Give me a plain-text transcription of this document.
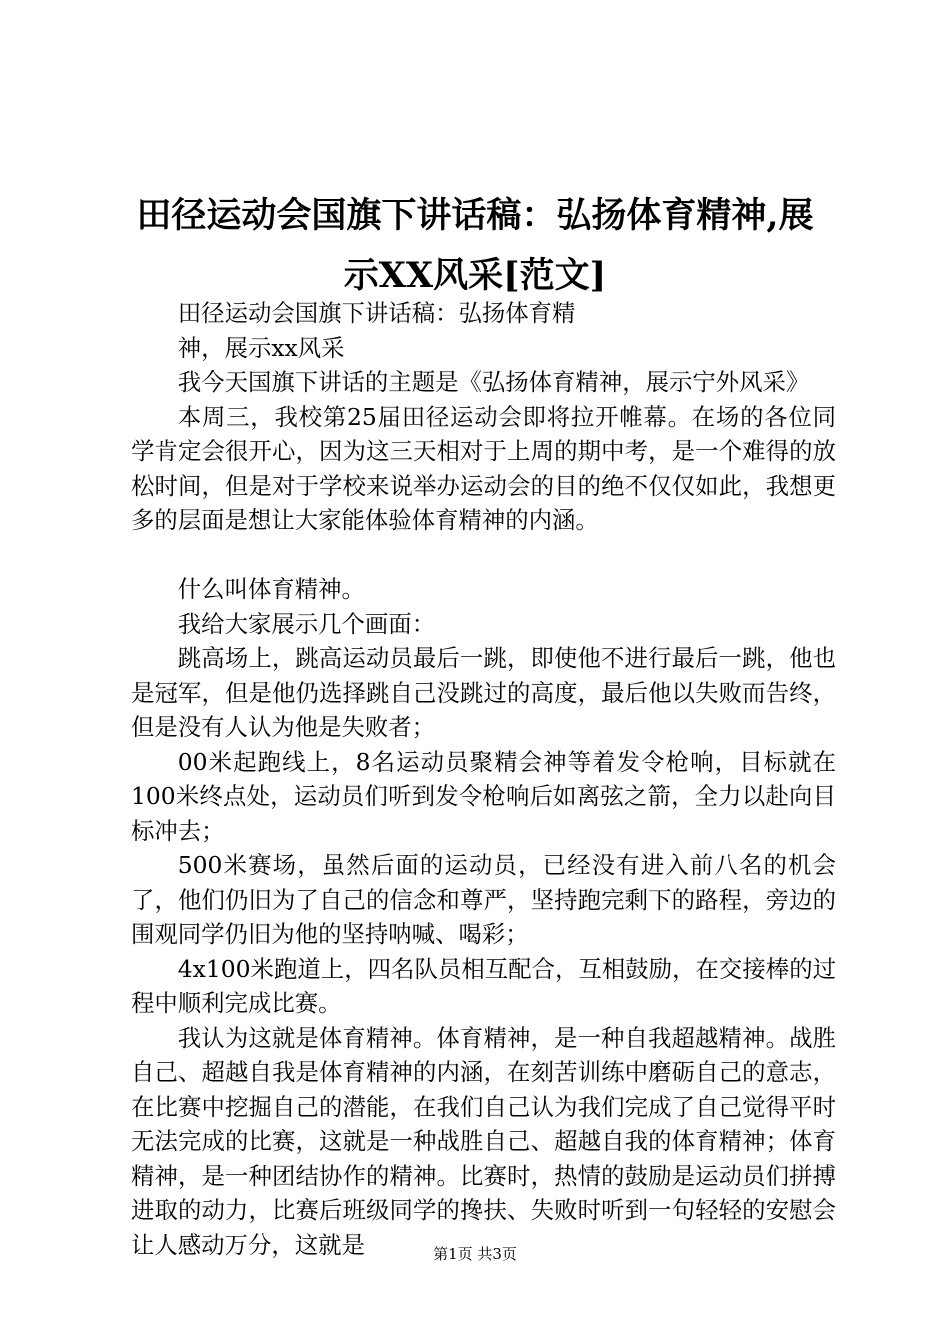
田径运动会国旗下讲话稿：弘扬体育精神,展
示XX风采[范文]

田径运动会国旗下讲话稿：弘扬体育精

神，展示xx风采

我今天国旗下讲话的主题是《弘扬体育精神，展示宁外风采》

本周三，我校第25届田径运动会即将拉开帷幕。在场的各位同学肯定会很开心，因为这三天相对于上周的期中考，是一个难得的放松时间，但是对于学校来说举办运动会的目的绝不仅仅如此，我想更多的层面是想让大家能体验体育精神的内涵。

什么叫体育精神。

我给大家展示几个画面：

跳高场上，跳高运动员最后一跳，即使他不进行最后一跳，他也是冠军，但是他仍选择跳自己没跳过的高度，最后他以失败而告终，但是没有人认为他是失败者；

00米起跑线上，8名运动员聚精会神等着发令枪响，目标就在100米终点处，运动员们听到发令枪响后如离弦之箭，全力以赴向目标冲去；

500米赛场，虽然后面的运动员，已经没有进入前八名的机会了，他们仍旧为了自己的信念和尊严，坚持跑完剩下的路程，旁边的围观同学仍旧为他的坚持呐喊、喝彩；

4x100米跑道上，四名队员相互配合，互相鼓励，在交接棒的过程中顺利完成比赛。

我认为这就是体育精神。体育精神，是一种自我超越精神。战胜自己、超越自我是体育精神的内涵，在刻苦训练中磨砺自己的意志，在比赛中挖掘自己的潜能，在我们自己认为我们完成了自己觉得平时无法完成的比赛，这就是一种战胜自己、超越自我的体育精神；体育精神，是一种团结协作的精神。比赛时，热情的鼓励是运动员们拼搏进取的动力，比赛后班级同学的搀扶、失败时听到一句轻轻的安慰会让人感动万分，这就是	第1页 共3页
